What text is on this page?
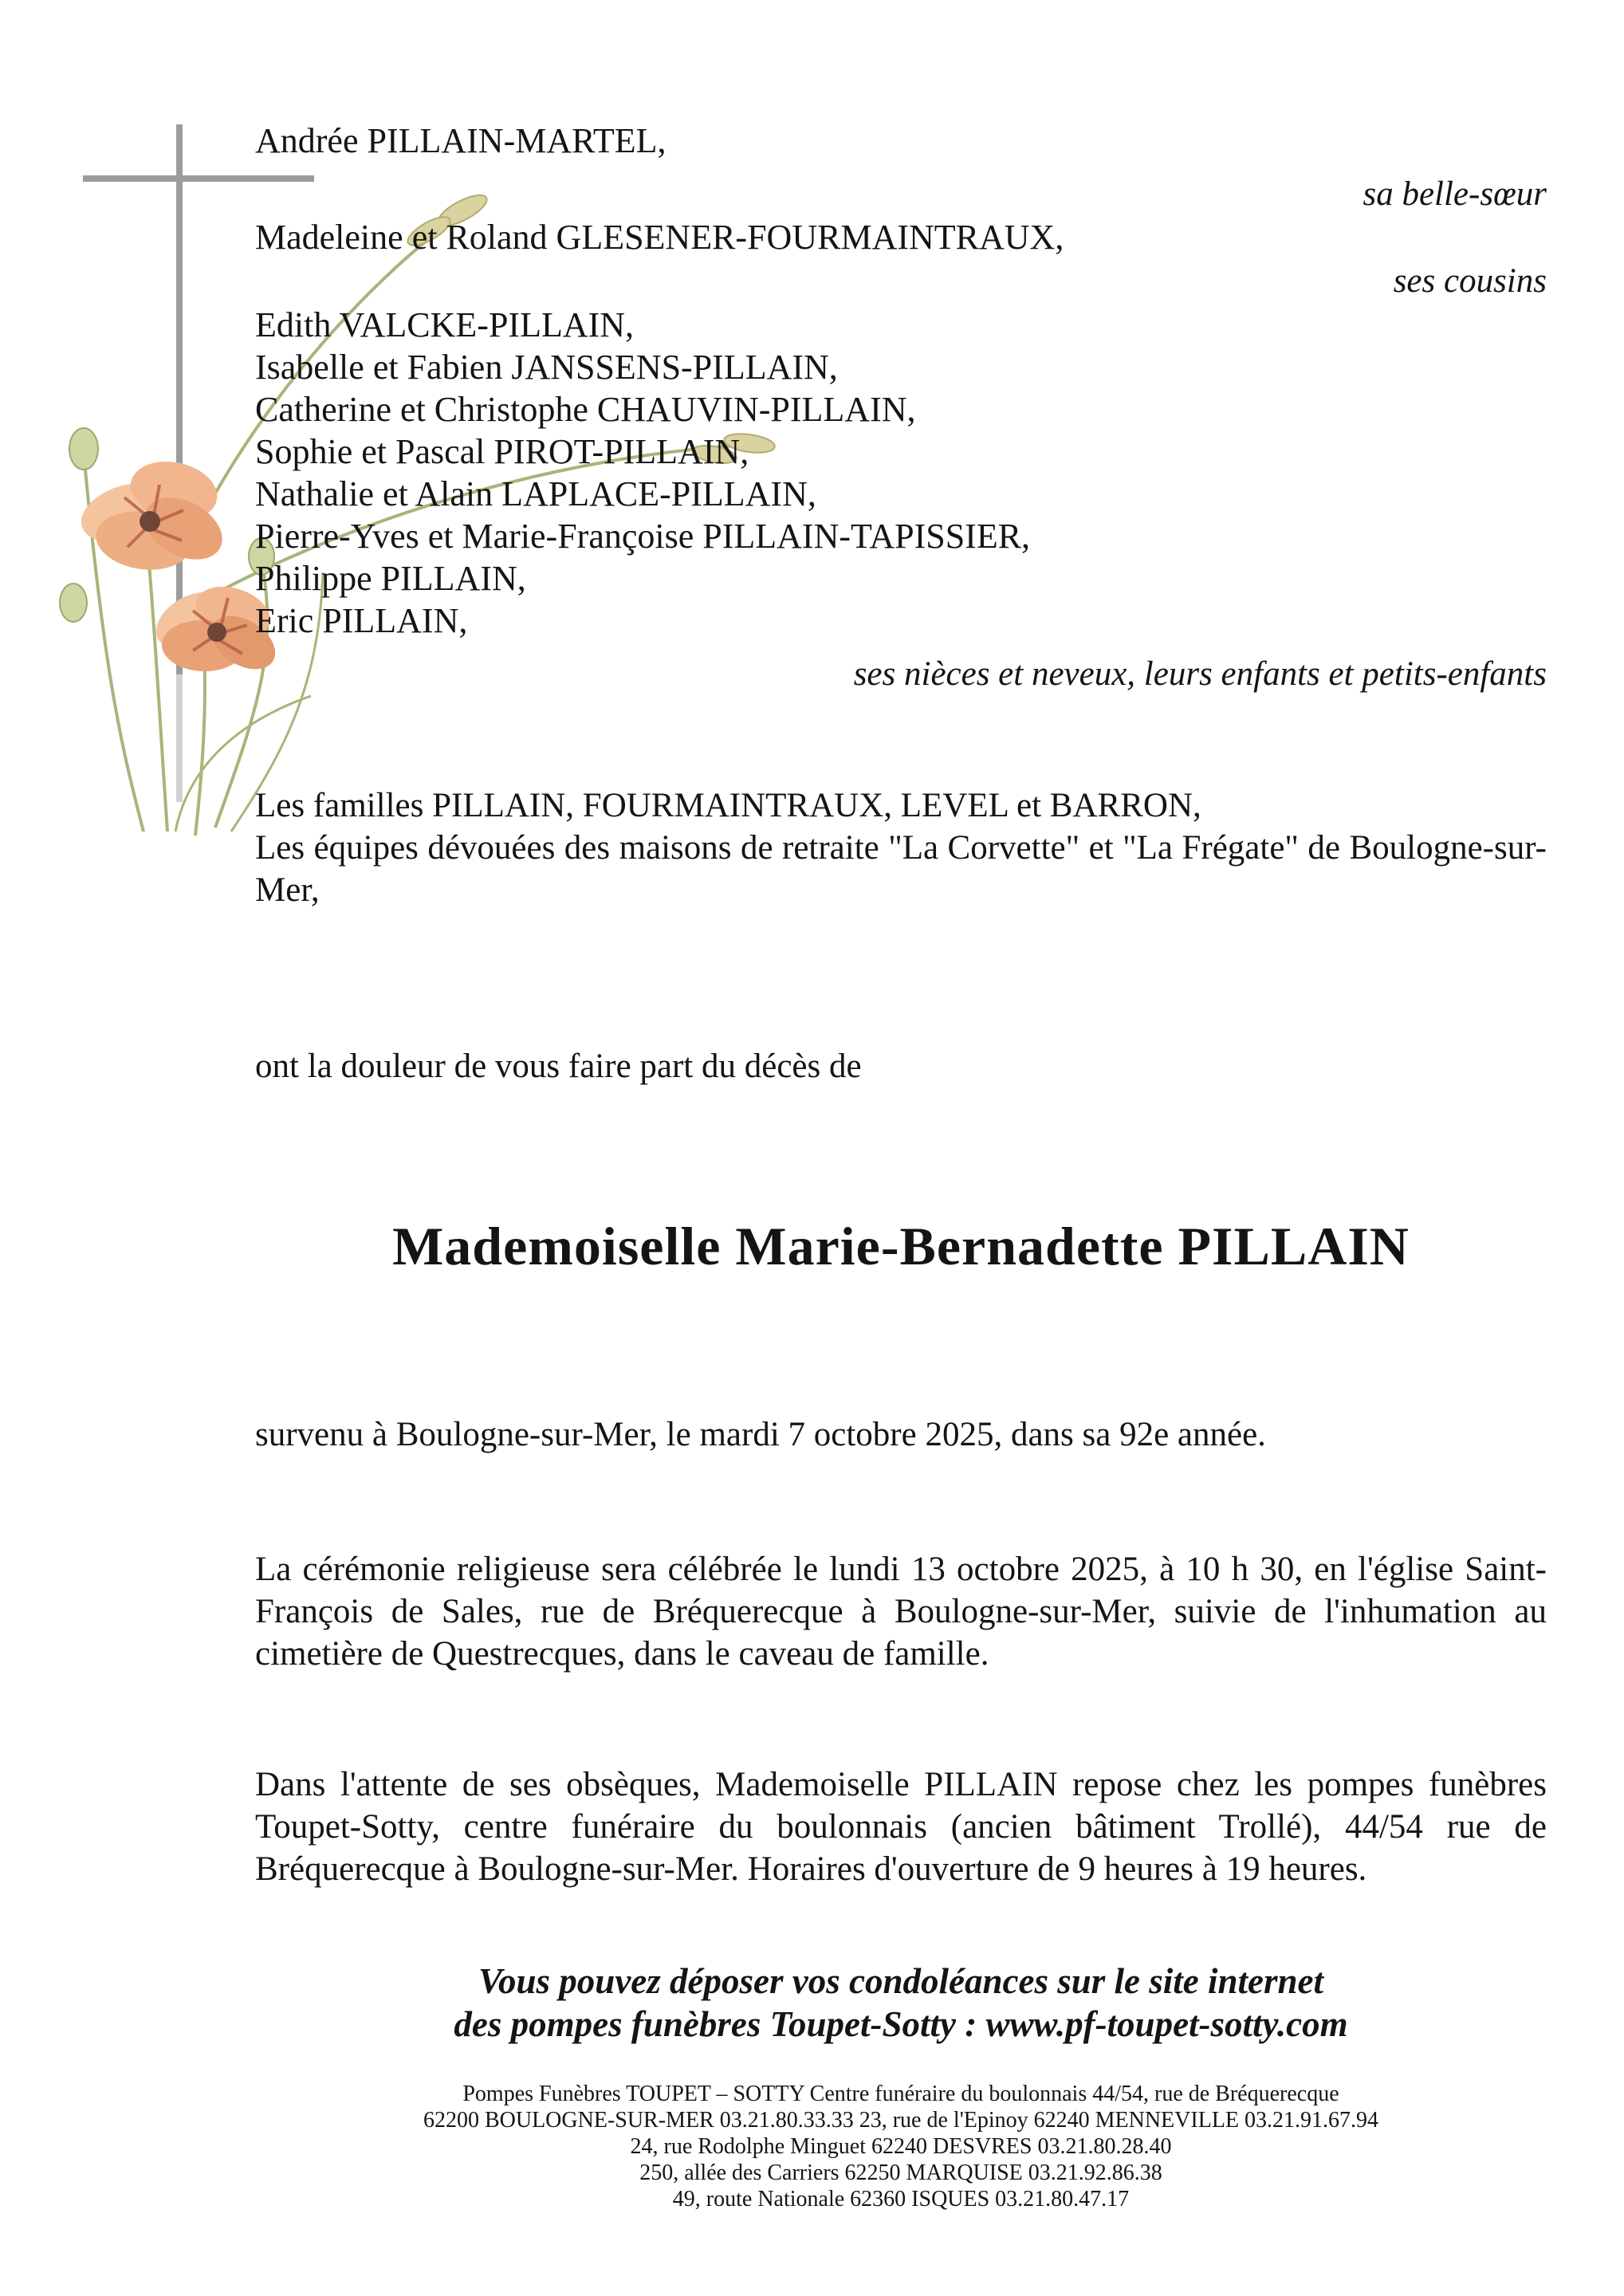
Andrée PILLAIN-MARTEL,
sa belle-sœur
Madeleine et Roland GLESENER-FOURMAINTRAUX,
ses cousins
Edith VALCKE-PILLAIN,
Isabelle et Fabien JANSSENS-PILLAIN,
Catherine et Christophe CHAUVIN-PILLAIN,
Sophie et Pascal PIROT-PILLAIN,
Nathalie et Alain LAPLACE-PILLAIN,
Pierre-Yves et Marie-Françoise PILLAIN-TAPISSIER,
Philippe PILLAIN,
Eric PILLAIN,
ses nièces et neveux, leurs enfants et petits-enfants
Les familles PILLAIN, FOURMAINTRAUX, LEVEL et BARRON,
Les équipes dévouées des maisons de retraite "La Corvette" et "La Frégate" de Boulogne-sur-Mer,
ont la douleur de vous faire part du décès de
Mademoiselle Marie-Bernadette PILLAIN
survenu à Boulogne-sur-Mer, le mardi 7 octobre 2025, dans sa 92e année.
La cérémonie religieuse sera célébrée le lundi 13 octobre 2025, à 10 h 30, en l'église Saint-François de Sales, rue de Bréquerecque à Boulogne-sur-Mer, suivie de l'inhumation au cimetière de Questrecques, dans le caveau de famille.
Dans l'attente de ses obsèques, Mademoiselle PILLAIN repose chez les pompes funèbres Toupet-Sotty, centre funéraire du boulonnais (ancien bâtiment Trollé), 44/54 rue de Bréquerecque à Boulogne-sur-Mer. Horaires d'ouverture de 9 heures à 19 heures.
Vous pouvez déposer vos condoléances sur le site internet
des pompes funèbres Toupet-Sotty : www.pf-toupet-sotty.com
Pompes Funèbres TOUPET – SOTTY Centre funéraire du boulonnais 44/54, rue de Bréquerecque
62200 BOULOGNE-SUR-MER 03.21.80.33.33 23, rue de l'Epinoy 62240 MENNEVILLE 03.21.91.67.94
24, rue Rodolphe Minguet 62240 DESVRES 03.21.80.28.40
250, allée des Carriers 62250 MARQUISE 03.21.92.86.38
49, route Nationale 62360 ISQUES 03.21.80.47.17
